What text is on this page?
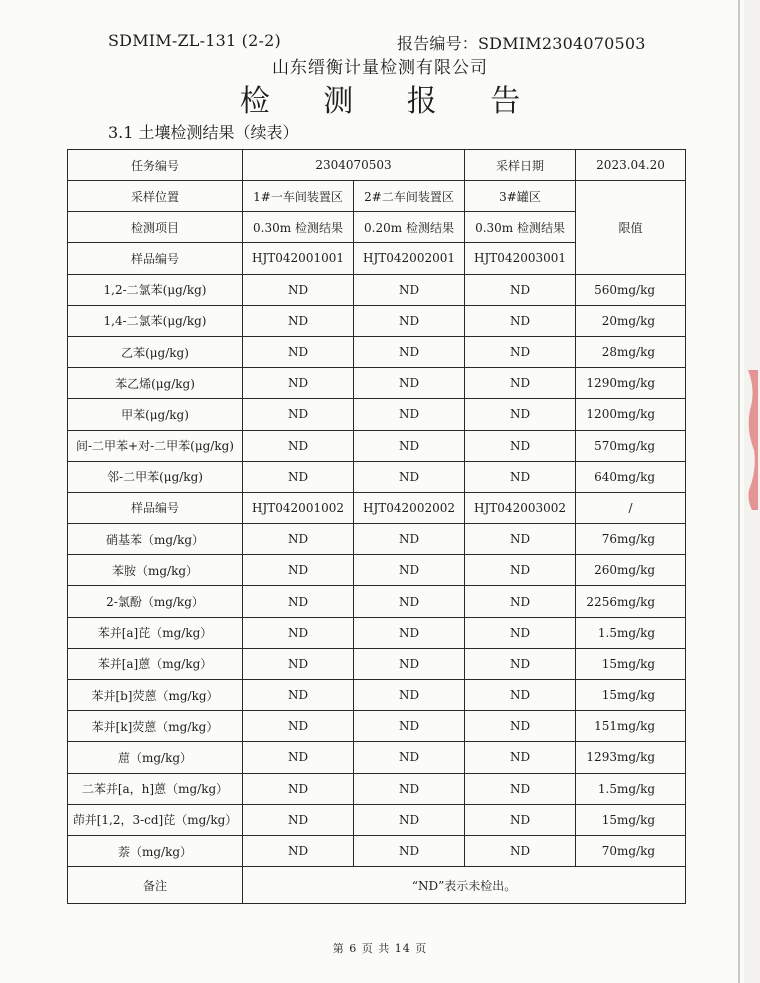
SDMIM-ZL-131 (2-2)	报告编号：SDMIM2304070503
山东缙衡计量检测有限公司
检 测 报 告
3.1 土壤检测结果（续表）
任务编号	2304070503		采样日期	2023.04.20
采样位置	1#一车间装置区	2#二车间装置区	3#罐区	限值
检测项目	0.30m 检测结果	0.20m 检测结果	0.30m 检测结果	
样品编号	HJT042001001	HJT042002001	HJT042003001	
1,2-二氯苯(μg/kg)	ND	ND	ND	560mg/kg
1,4-二氯苯(μg/kg)	ND	ND	ND	20mg/kg
乙苯(μg/kg)	ND	ND	ND	28mg/kg
苯乙烯(μg/kg)	ND	ND	ND	1290mg/kg
甲苯(μg/kg)	ND	ND	ND	1200mg/kg
间-二甲苯+对-二甲苯(μg/kg)	ND	ND	ND	570mg/kg
邻-二甲苯(μg/kg)	ND	ND	ND	640mg/kg
样品编号	HJT042001002	HJT042002002	HJT042003002	/
硝基苯（mg/kg）	ND	ND	ND	76mg/kg
苯胺（mg/kg）	ND	ND	ND	260mg/kg
2-氯酚（mg/kg）	ND	ND	ND	2256mg/kg
苯并[a]芘（mg/kg）	ND	ND	ND	1.5mg/kg
苯并[a]蒽（mg/kg）	ND	ND	ND	15mg/kg
苯并[b]荧蒽（mg/kg）	ND	ND	ND	15mg/kg
苯并[k]荧蒽（mg/kg）	ND	ND	ND	151mg/kg
䓛（mg/kg）	ND	ND	ND	1293mg/kg
二苯并[a，h]蒽（mg/kg）	ND	ND	ND	1.5mg/kg
茚并[1,2，3-cd]芘（mg/kg）	ND	ND	ND	15mg/kg
萘（mg/kg）	ND	ND	ND	70mg/kg
备注	“ND”表示未检出。			
第 6 页 共 14 页
